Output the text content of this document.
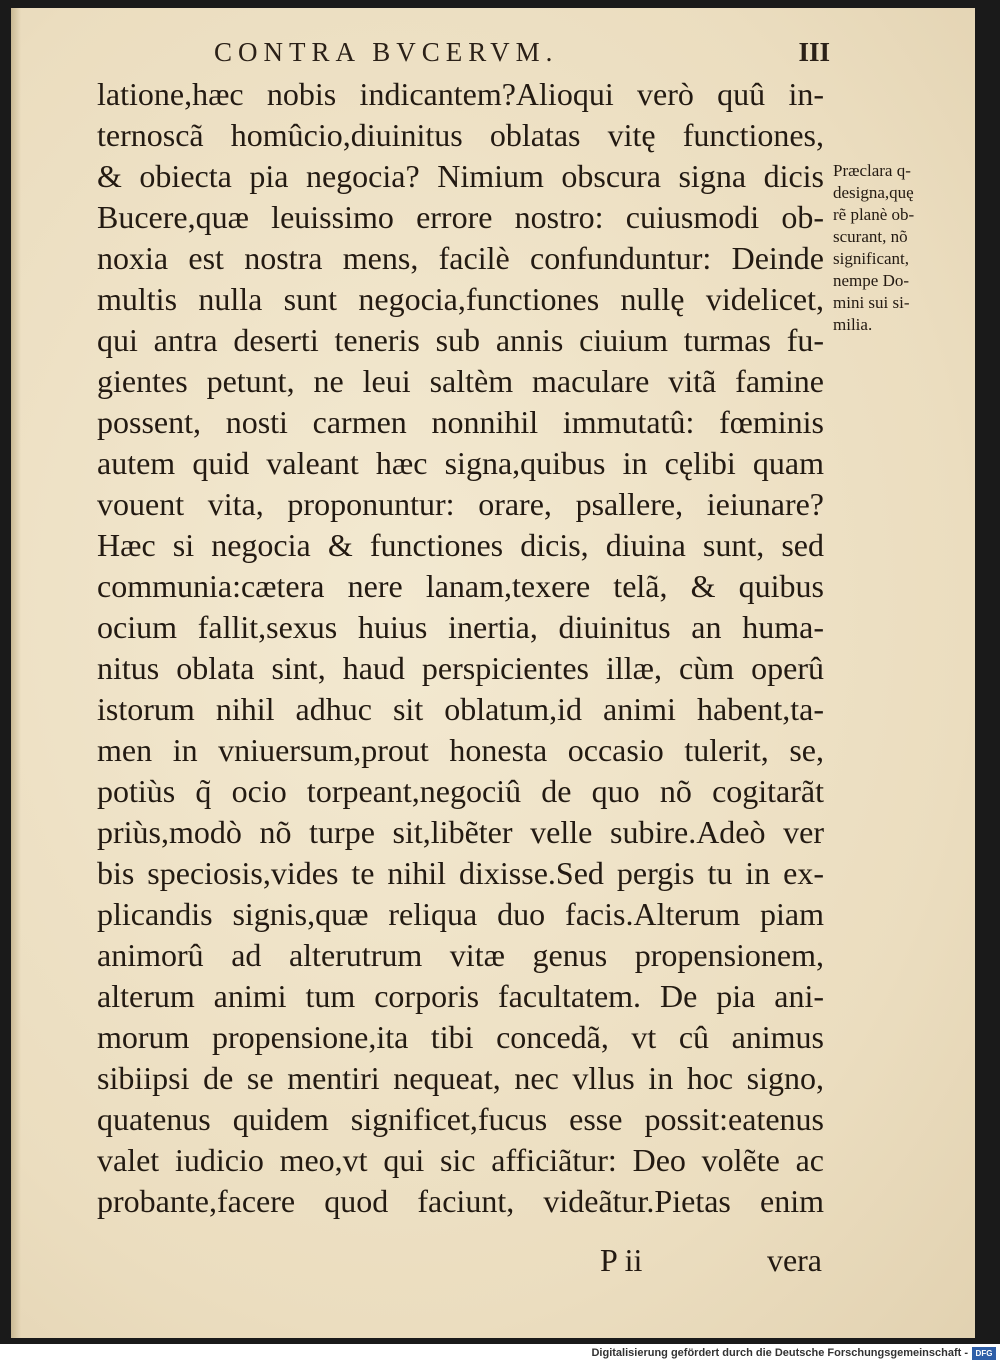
CONTRA BVCERVM.	III
latione,hæc nobis indicantem?Alioqui verò quû in-
ternoscã homûcio,diuinitus oblatas vitę functiones,
& obiecta pia negocia? Nimium obscura signa dicis
Bucere,quæ leuissimo errore nostro: cuiusmodi ob-
noxia est nostra mens, facilè confunduntur: Deinde
multis nulla sunt negocia,functiones nullę videlicet,
qui antra deserti teneris sub annis ciuium turmas fu-
gientes petunt, ne leui saltèm maculare vitã famine
possent, nosti carmen nonnihil immutatû: fœminis
autem quid valeant hæc signa,quibus in cęlibi quam
vouent vita, proponuntur: orare, psallere, ieiunare?
Hæc si negocia & functiones dicis, diuina sunt, sed
communia:cætera nere lanam,texere telã, & quibus
ocium fallit,sexus huius inertia, diuinitus an huma-
nitus oblata sint, haud perspicientes illæ, cùm operû
istorum nihil adhuc sit oblatum,id animi habent,ta-
men in vniuersum,prout honesta occasio tulerit, se,
potiùs q̃ ocio torpeant,negociû de quo nõ cogitarãt
priùs,modò nõ turpe sit,libẽter velle subire.Adeò ver
bis speciosis,vides te nihil dixisse.Sed pergis tu in ex-
plicandis signis,quæ reliqua duo facis.Alterum piam
animorû ad alterutrum vitæ genus propensionem,
alterum animi tum corporis facultatem. De pia ani-
morum propensione,ita tibi concedã, vt cû animus
sibiipsi de se mentiri nequeat, nec vllus in hoc signo,
quatenus quidem significet,fucus esse possit:eatenus
valet iudicio meo,vt qui sic afficiãtur: Deo volẽte ac
probante,facere quod faciunt, videãtur.Pietas enim
Præclara q-
designa,quę
rẽ planè ob-
scurant, nõ
significant,
nempe Do-
mini sui si-
milia.
P ii	vera
Digitalisierung gefördert durch die Deutsche Forschungsgemeinschaft - DFG
